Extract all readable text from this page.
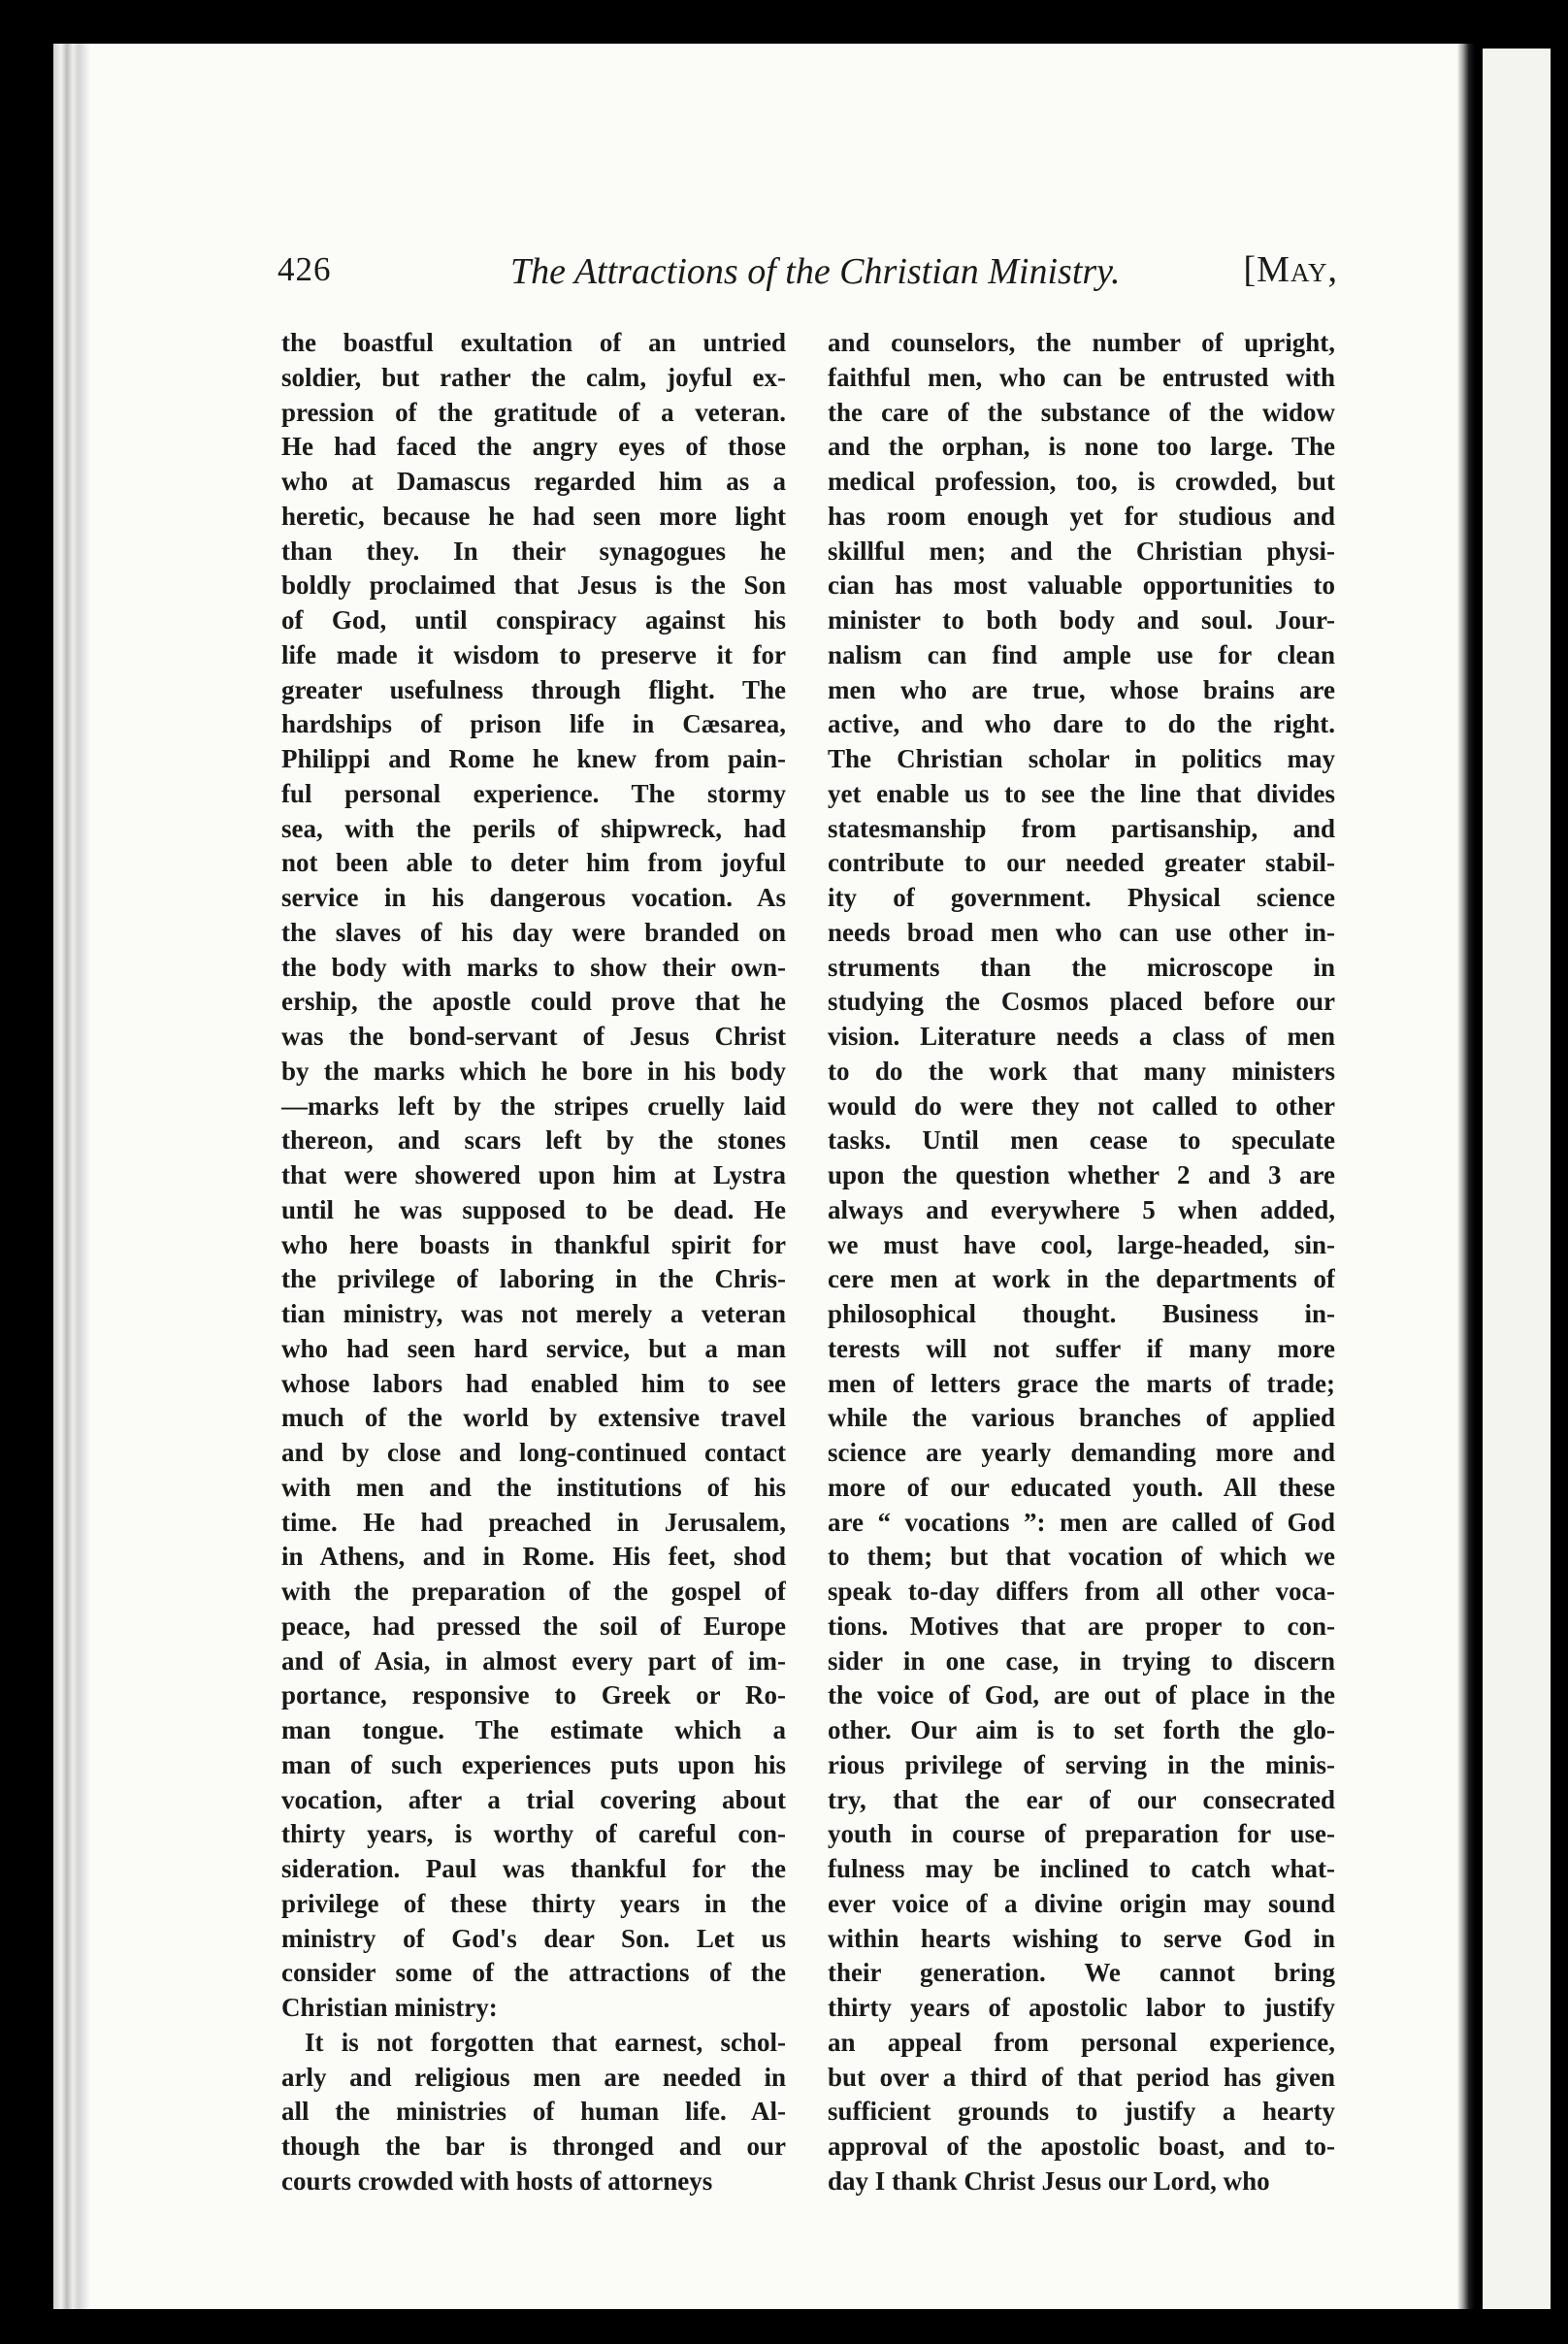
426	The Attractions of the Christian Ministry.	[May,
the boastful exultation of an untried
soldier, but rather the calm, joyful ex-
pression of the gratitude of a veteran.
He had faced the angry eyes of those
who at Damascus regarded him as a
heretic, because he had seen more light
than they. In their synagogues he
boldly proclaimed that Jesus is the Son
of God, until conspiracy against his
life made it wisdom to preserve it for
greater usefulness through flight. The
hardships of prison life in Cæsarea,
Philippi and Rome he knew from pain-
ful personal experience. The stormy
sea, with the perils of shipwreck, had
not been able to deter him from joyful
service in his dangerous vocation. As
the slaves of his day were branded on
the body with marks to show their own-
ership, the apostle could prove that he
was the bond-servant of Jesus Christ
by the marks which he bore in his body
—marks left by the stripes cruelly laid
thereon, and scars left by the stones
that were showered upon him at Lystra
until he was supposed to be dead. He
who here boasts in thankful spirit for
the privilege of laboring in the Chris-
tian ministry, was not merely a veteran
who had seen hard service, but a man
whose labors had enabled him to see
much of the world by extensive travel
and by close and long-continued contact
with men and the institutions of his
time. He had preached in Jerusalem,
in Athens, and in Rome. His feet, shod
with the preparation of the gospel of
peace, had pressed the soil of Europe
and of Asia, in almost every part of im-
portance, responsive to Greek or Ro-
man tongue. The estimate which a
man of such experiences puts upon his
vocation, after a trial covering about
thirty years, is worthy of careful con-
sideration. Paul was thankful for the
privilege of these thirty years in the
ministry of God's dear Son. Let us
consider some of the attractions of the
Christian ministry:
It is not forgotten that earnest, schol-
arly and religious men are needed in
all the ministries of human life. Al-
though the bar is thronged and our
courts crowded with hosts of attorneys
and counselors, the number of upright,
faithful men, who can be entrusted with
the care of the substance of the widow
and the orphan, is none too large. The
medical profession, too, is crowded, but
has room enough yet for studious and
skillful men; and the Christian physi-
cian has most valuable opportunities to
minister to both body and soul. Jour-
nalism can find ample use for clean
men who are true, whose brains are
active, and who dare to do the right.
The Christian scholar in politics may
yet enable us to see the line that divides
statesmanship from partisanship, and
contribute to our needed greater stabil-
ity of government. Physical science
needs broad men who can use other in-
struments than the microscope in
studying the Cosmos placed before our
vision. Literature needs a class of men
to do the work that many ministers
would do were they not called to other
tasks. Until men cease to speculate
upon the question whether 2 and 3 are
always and everywhere 5 when added,
we must have cool, large-headed, sin-
cere men at work in the departments of
philosophical thought. Business in-
terests will not suffer if many more
men of letters grace the marts of trade;
while the various branches of applied
science are yearly demanding more and
more of our educated youth. All these
are “ vocations ”: men are called of God
to them; but that vocation of which we
speak to-day differs from all other voca-
tions. Motives that are proper to con-
sider in one case, in trying to discern
the voice of God, are out of place in the
other. Our aim is to set forth the glo-
rious privilege of serving in the minis-
try, that the ear of our consecrated
youth in course of preparation for use-
fulness may be inclined to catch what-
ever voice of a divine origin may sound
within hearts wishing to serve God in
their generation. We cannot bring
thirty years of apostolic labor to justify
an appeal from personal experience,
but over a third of that period has given
sufficient grounds to justify a hearty
approval of the apostolic boast, and to-
day I thank Christ Jesus our Lord, who
